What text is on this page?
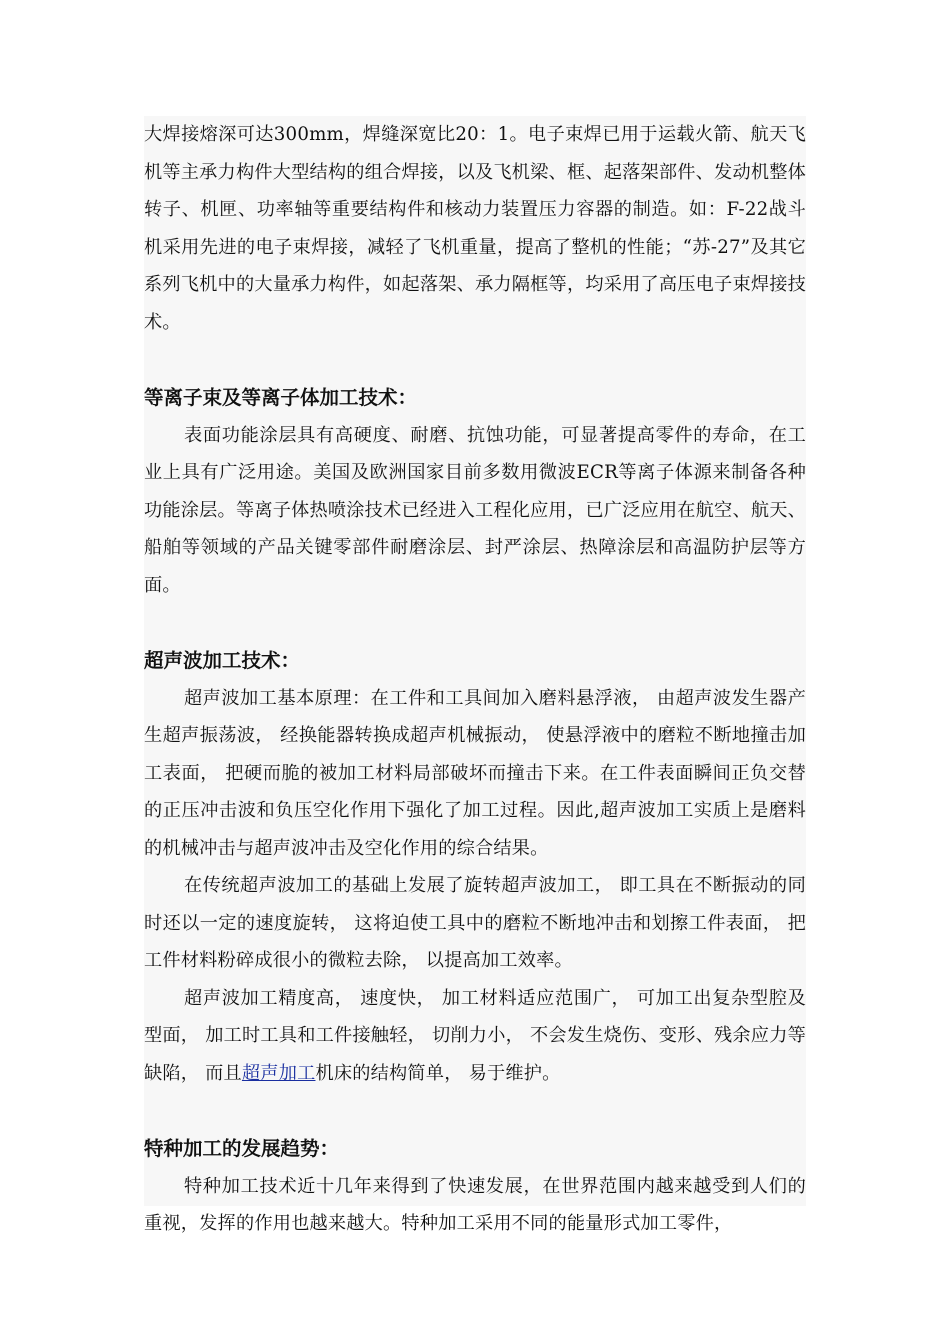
大焊接熔深可达300mm，焊缝深宽比20：1。电子束焊已用于运载火箭、航天飞机等主承力构件大型结构的组合焊接，以及飞机梁、框、起落架部件、发动机整体转子、机匣、功率轴等重要结构件和核动力装置压力容器的制造。如：F-22战斗机采用先进的电子束焊接，减轻了飞机重量，提高了整机的性能；“苏-27”及其它系列飞机中的大量承力构件，如起落架、承力隔框等，均采用了高压电子束焊接技术。

等离子束及等离子体加工技术：

表面功能涂层具有高硬度、耐磨、抗蚀功能，可显著提高零件的寿命，在工业上具有广泛用途。美国及欧洲国家目前多数用微波ECR等离子体源来制备各种功能涂层。等离子体热喷涂技术已经进入工程化应用，已广泛应用在航空、航天、船舶等领域的产品关键零部件耐磨涂层、封严涂层、热障涂层和高温防护层等方面。

超声波加工技术：

超声波加工基本原理：在工件和工具间加入磨料悬浮液， 由超声波发生器产生超声振荡波， 经换能器转换成超声机械振动， 使悬浮液中的磨粒不断地撞击加工表面， 把硬而脆的被加工材料局部破坏而撞击下来。在工件表面瞬间正负交替的正压冲击波和负压空化作用下强化了加工过程。因此,超声波加工实质上是磨料的机械冲击与超声波冲击及空化作用的综合结果。

在传统超声波加工的基础上发展了旋转超声波加工， 即工具在不断振动的同时还以一定的速度旋转， 这将迫使工具中的磨粒不断地冲击和划擦工件表面， 把工件材料粉碎成很小的微粒去除， 以提高加工效率。

超声波加工精度高， 速度快， 加工材料适应范围广， 可加工出复杂型腔及型面， 加工时工具和工件接触轻， 切削力小， 不会发生烧伤、变形、残余应力等缺陷， 而且超声加工机床的结构简单， 易于维护。

特种加工的发展趋势：

特种加工技术近十几年来得到了快速发展，在世界范围内越来越受到人们的重视，发挥的作用也越来越大。特种加工采用不同的能量形式加工零件，
